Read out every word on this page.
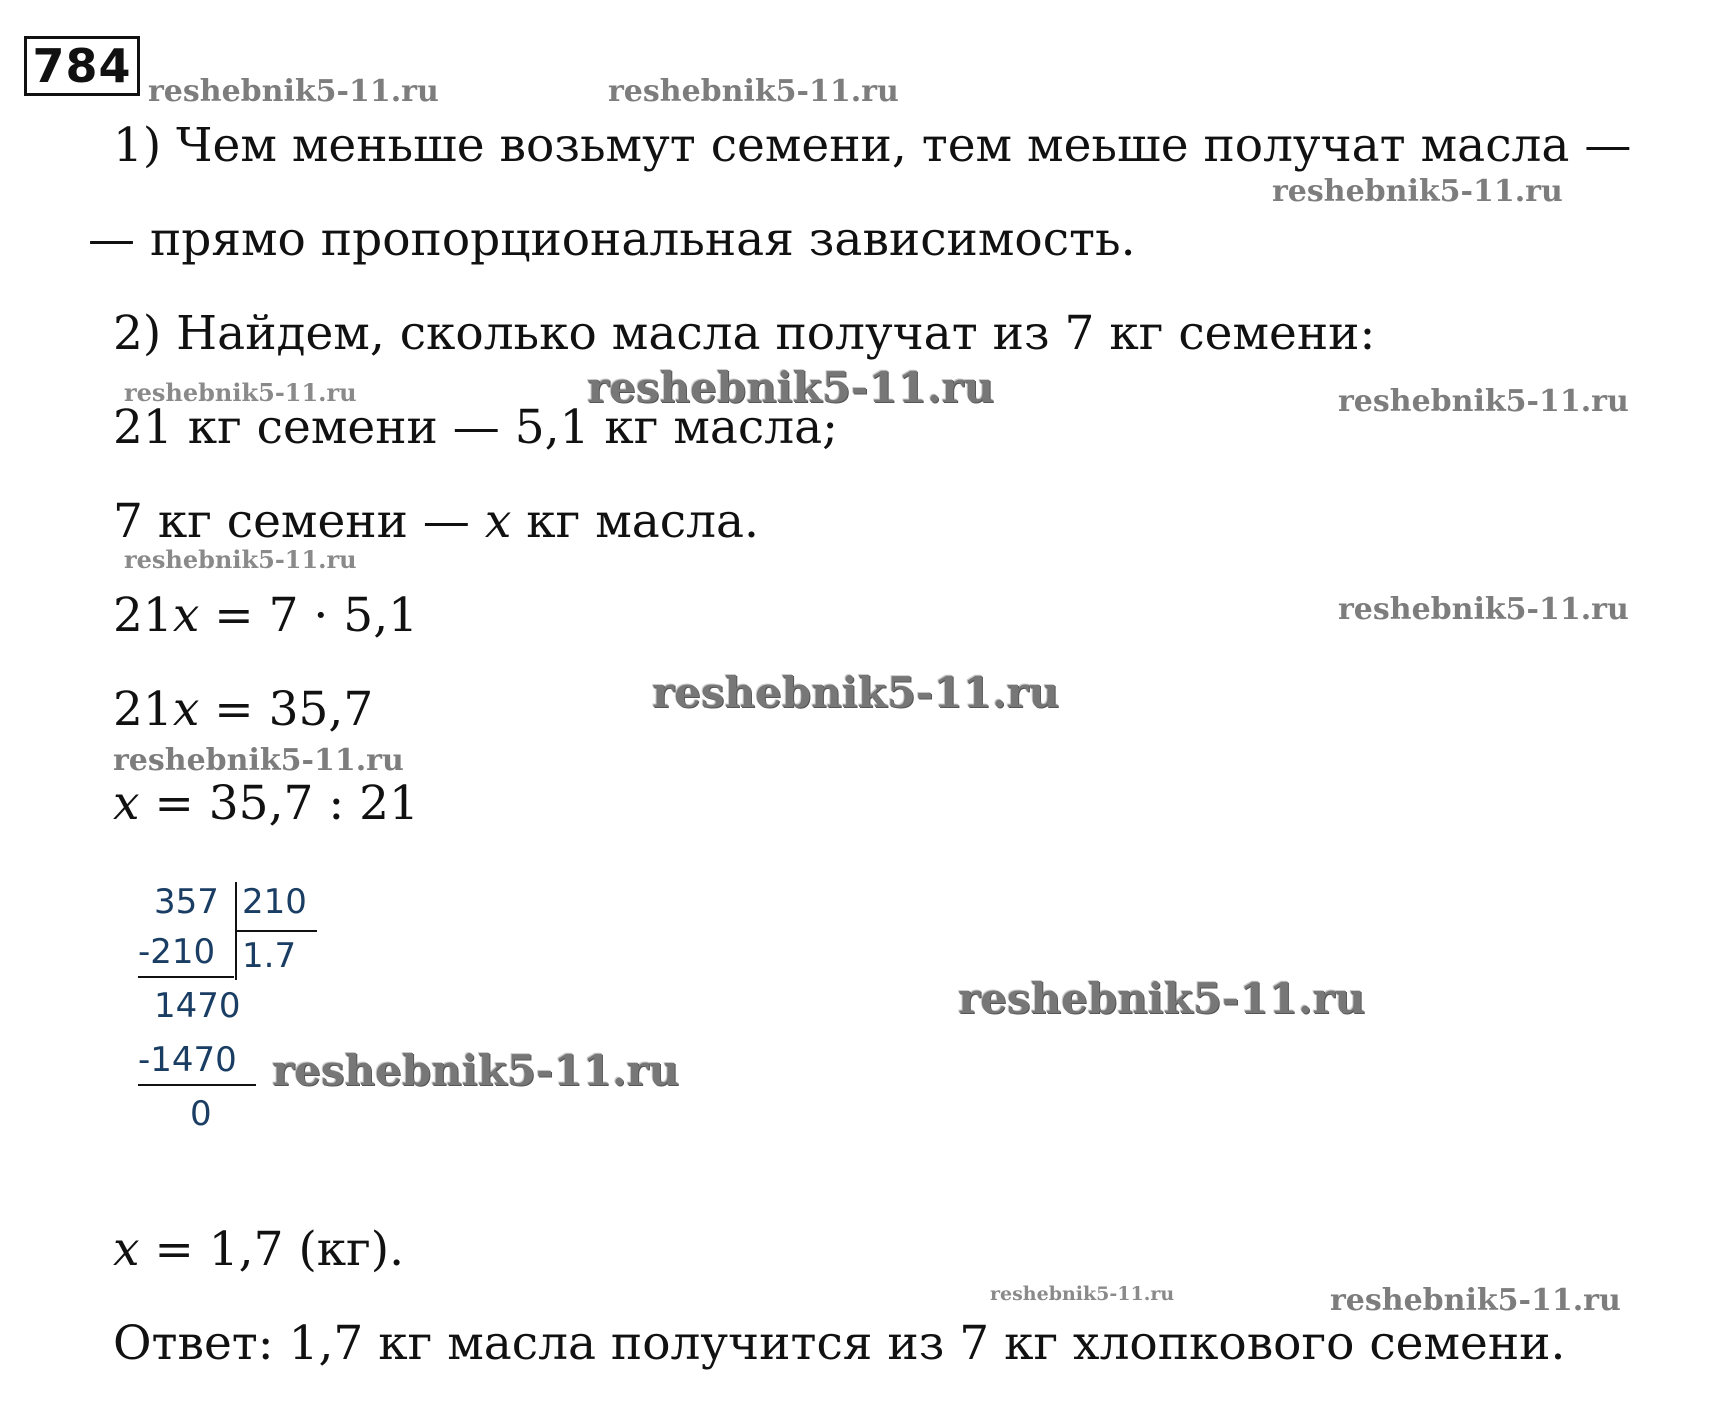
784 reshebnik5-11.ru	reshebnik5-11.ru
reshebnik5-11.ru
reshebnik5-11.ru	reshebnik5-11.ru	reshebnik5-11.ru
reshebnik5-11.ru
reshebnik5-11.ru
reshebnik5-11.ru
reshebnik5-11.ru
reshebnik5-11.ru
reshebnik5-11.ru
reshebnik5-11.ru	reshebnik5-11.ru
1) Чем меньше возьмут семени, тем меьше получат масла —
— прямо пропорциональная зависимость.
2) Найдем, сколько масла получат из 7 кг семени:
21 кг семени — 5,1 кг масла;
7 кг семени — x кг масла.
21x = 7 · 5,1
21x = 35,7
x = 35,7 : 21
357 210
1.7
-210
1470
-1470
0
x = 1,7 (кг).
Ответ: 1,7 кг масла получится из 7 кг хлопкового семени.
